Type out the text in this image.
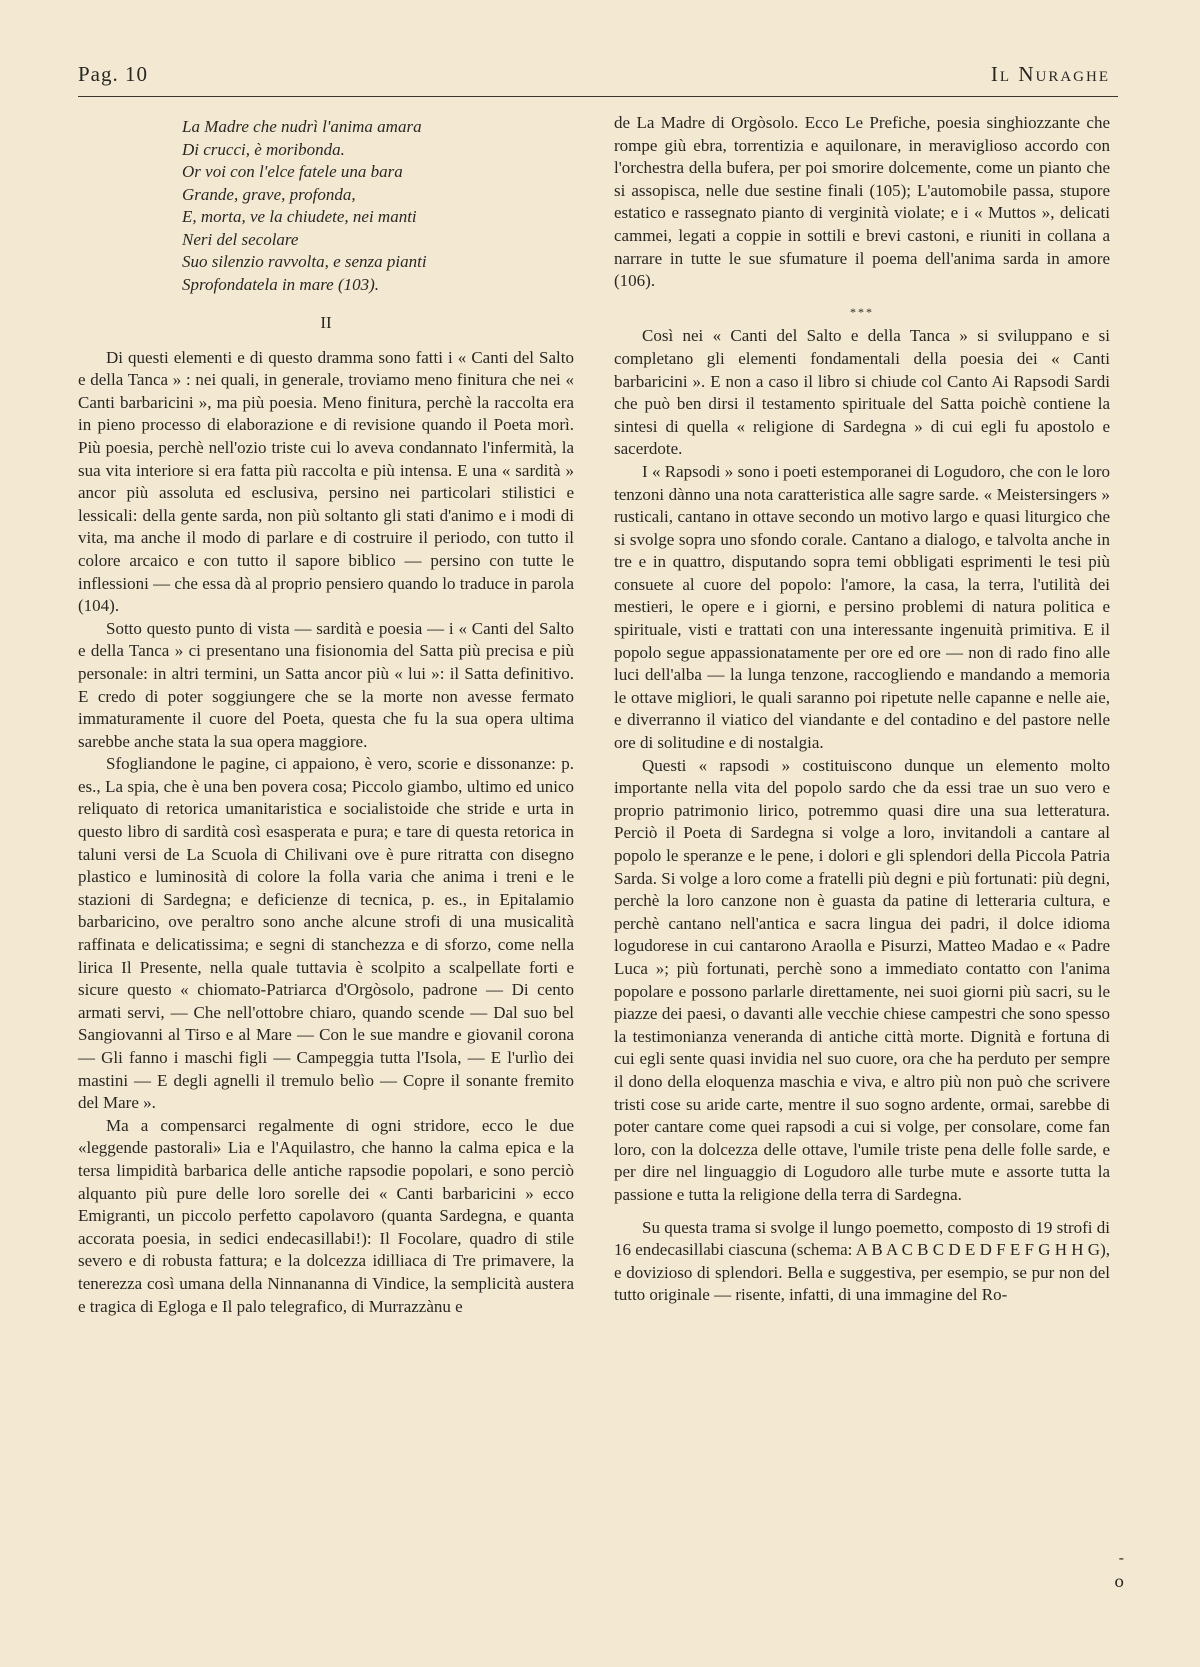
Pag. 10	Il Nuraghe
La Madre che nudrì l'anima amara
Di crucci, è moribonda.
Or voi con l'elce fatele una bara
Grande, grave, profonda,
E, morta, ve la chiudete, nei manti
Neri del secolare
Suo silenzio ravvolta, e senza pianti
Sprofondatela in mare (103).
II

Di questi elementi e di questo dramma sono fatti i « Canti del Salto e della Tanca » : nei quali, in generale, troviamo meno finitura che nei « Canti barbaricini », ma più poesia. Meno finitura, perchè la raccolta era in pieno processo di elaborazione e di revisione quando il Poeta morì. Più poesia, perchè nell'ozio triste cui lo aveva condannato l'infermità, la sua vita interiore si era fatta più raccolta e più intensa. E una « sardità » ancor più assoluta ed esclusiva, persino nei particolari stilistici e lessicali: della gente sarda, non più soltanto gli stati d'animo e i modi di vita, ma anche il modo di parlare e di costruire il periodo, con tutto il colore arcaico e con tutto il sapore biblico — persino con tutte le inflessioni — che essa dà al proprio pensiero quando lo traduce in parola (104).

Sotto questo punto di vista — sardità e poesia — i « Canti del Salto e della Tanca » ci presentano una fisionomia del Satta più precisa e più personale: in altri termini, un Satta ancor più « lui »: il Satta definitivo. E credo di poter soggiungere che se la morte non avesse fermato immaturamente il cuore del Poeta, questa che fu la sua opera ultima sarebbe anche stata la sua opera maggiore.

Sfogliandone le pagine, ci appaiono, è vero, scorie e dissonanze: p. es., La spia, che è una ben povera cosa; Piccolo giambo, ultimo ed unico reliquato di retorica umanitaristica e socialistoide che stride e urta in questo libro di sardità così esasperata e pura; e tare di questa retorica in taluni versi de La Scuola di Chilivani ove è pure ritratta con disegno plastico e luminosità di colore la folla varia che anima i treni e le stazioni di Sardegna; e deficienze di tecnica, p. es., in Epitalamio barbaricino, ove peraltro sono anche alcune strofi di una musicalità raffinata e delicatissima; e segni di stanchezza e di sforzo, come nella lirica Il Presente, nella quale tuttavia è scolpito a scalpellate forti e sicure questo « chiomato-Patriarca d'Orgòsolo, padrone — Di cento armati servi, — Che nell'ottobre chiaro, quando scende — Dal suo bel Sangiovanni al Tirso e al Mare — Con le sue mandre e giovanil corona — Gli fanno i maschi figli — Campeggia tutta l'Isola, — E l'urlìo dei mastini — E degli agnelli il tremulo belìo — Copre il sonante fremito del Mare ».

Ma a compensarci regalmente di ogni stridore, ecco le due «leggende pastorali» Lia e l'Aquilastro, che hanno la calma epica e la tersa limpidità barbarica delle antiche rapsodie popolari, e sono perciò alquanto più pure delle loro sorelle dei « Canti barbaricini » ecco Emigranti, un piccolo perfetto capolavoro (quanta Sardegna, e quanta accorata poesia, in sedici endecasillabi!): Il Focolare, quadro di stile severo e di robusta fattura; e la dolcezza idilliaca di Tre primavere, la tenerezza così umana della Ninnananna di Vindice, la semplicità austera e tragica di Egloga e Il palo telegrafico, di Murrazzànu e

de La Madre di Orgòsolo. Ecco Le Prefiche, poesia singhiozzante che rompe giù ebra, torrentizia e aquilonare, in meraviglioso accordo con l'orchestra della bufera, per poi smorire dolcemente, come un pianto che si assopisca, nelle due sestine finali (105); L'automobile passa, stupore estatico e rassegnato pianto di verginità violate; e i « Muttos », delicati cammei, legati a coppie in sottili e brevi castoni, e riuniti in collana a narrare in tutte le sue sfumature il poema dell'anima sarda in amore (106).

***

Così nei « Canti del Salto e della Tanca » si sviluppano e si completano gli elementi fondamentali della poesia dei « Canti barbaricini ». E non a caso il libro si chiude col Canto Ai Rapsodi Sardi che può ben dirsi il testamento spirituale del Satta poichè contiene la sintesi di quella « religione di Sardegna » di cui egli fu apostolo e sacerdote.

I « Rapsodi » sono i poeti estemporanei di Logudoro, che con le loro tenzoni dànno una nota caratteristica alle sagre sarde. « Meistersingers » rusticali, cantano in ottave secondo un motivo largo e quasi liturgico che si svolge sopra uno sfondo corale. Cantano a dialogo, e talvolta anche in tre e in quattro, disputando sopra temi obbligati esprimenti le tesi più consuete al cuore del popolo: l'amore, la casa, la terra, l'utilità dei mestieri, le opere e i giorni, e persino problemi di natura politica e spirituale, visti e trattati con una interessante ingenuità primitiva. E il popolo segue appassionatamente per ore ed ore — non di rado fino alle luci dell'alba — la lunga tenzone, raccogliendo e mandando a memoria le ottave migliori, le quali saranno poi ripetute nelle capanne e nelle aie, e diverranno il viatico del viandante e del contadino e del pastore nelle ore di solitudine e di nostalgia.

Questi « rapsodi » costituiscono dunque un elemento molto importante nella vita del popolo sardo che da essi trae un suo vero e proprio patrimonio lirico, potremmo quasi dire una sua letteratura. Perciò il Poeta di Sardegna si volge a loro, invitandoli a cantare al popolo le speranze e le pene, i dolori e gli splendori della Piccola Patria Sarda. Si volge a loro come a fratelli più degni e più fortunati: più degni, perchè la loro canzone non è guasta da patine di letteraria cultura, e perchè cantano nell'antica e sacra lingua dei padri, il dolce idioma logudorese in cui cantarono Araolla e Pisurzi, Matteo Madao e « Padre Luca »; più fortunati, perchè sono a immediato contatto con l'anima popolare e possono parlarle direttamente, nei suoi giorni più sacri, su le piazze dei paesi, o davanti alle vecchie chiese campestri che sono spesso la testimonianza veneranda di antiche città morte. Dignità e fortuna di cui egli sente quasi invidia nel suo cuore, ora che ha perduto per sempre il dono della eloquenza maschia e viva, e altro più non può che scrivere tristi cose su aride carte, mentre il suo sogno ardente, ormai, sarebbe di poter cantare come quei rapsodi a cui si volge, per consolare, come fan loro, con la dolcezza delle ottave, l'umile triste pena delle folle sarde, e per dire nel linguaggio di Logudoro alle turbe mute e assorte tutta la passione e tutta la religione della terra di Sardegna.

Su questa trama si svolge il lungo poemetto, composto di 19 strofi di 16 endecasillabi ciascuna (schema: A B A C B C D E D F E F G H H G), e dovizioso di splendori. Bella e suggestiva, per esempio, se pur non del tutto originale — risente, infatti, di una immagine del Ro-

-
o
